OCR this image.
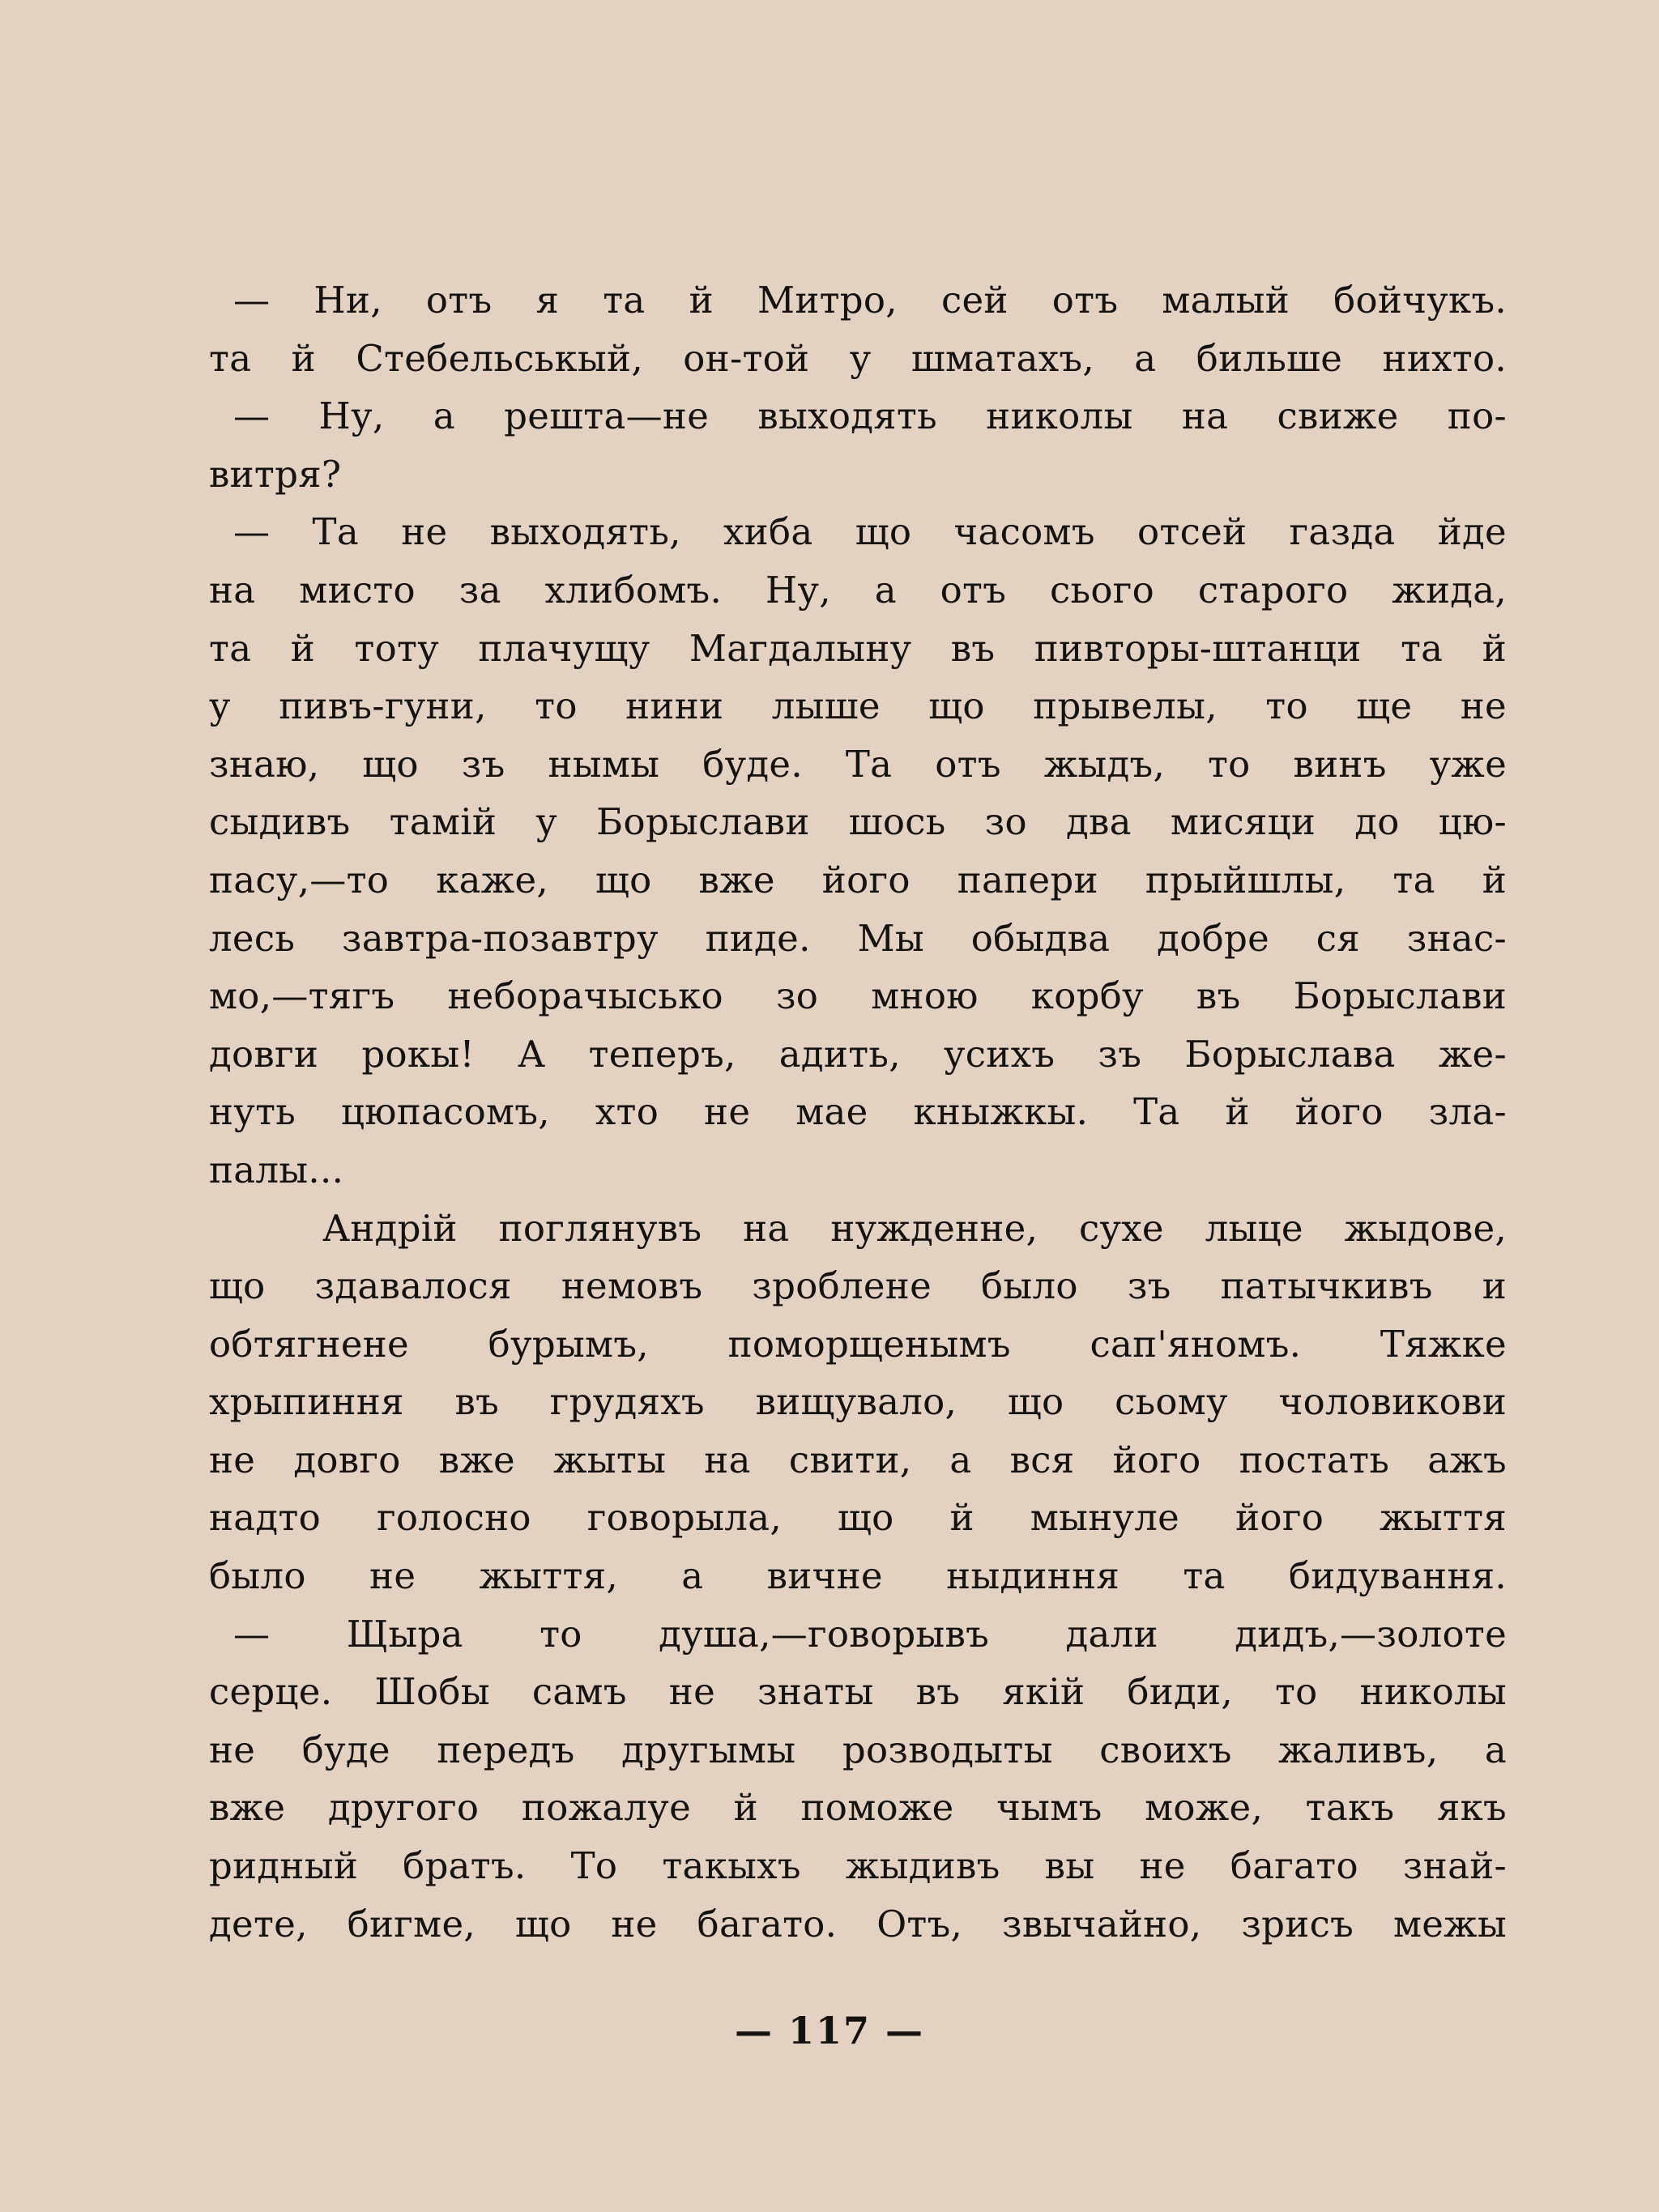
— Ни, отъ я та й Митро, сей отъ малый бойчукъ.
та й Стебельськый, он-той у шматахъ, а бильше нихто.
— Ну, а решта—не выходять николы на свиже по-
витря?
— Та не выходять, хиба що часомъ отсей газда йде
на мисто за хлибомъ. Ну, а отъ сього старого жида,
та й тоту плачущу Магдалыну въ пивторы-штанци та й
у пивъ-гуни, то нини лыше що прывелы, то ще не
знаю, що зъ нымы буде. Та отъ жыдъ, то винъ уже
сыдивъ тамій у Борыслави шось зо два мисяци до цю-
пасу,—то каже, що вже його папери прыйшлы, та й
лесь завтра-позавтру пиде. Мы обыдва добре ся знас-
мо,—тягъ неборачысько зо мною корбу въ Борыслави
довги рокы! А теперъ, адить, усихъ зъ Борыслава же-
нуть цюпасомъ, хто не мае кныжкы. Та й його зла-
палы...
Андрій поглянувъ на нужденне, сухе лыце жыдове,
що здавалося немовъ зроблене было зъ патычкивъ и
обтягнене бурымъ, поморщенымъ сап'яномъ. Тяжке
хрыпиння въ грудяхъ вищувало, що сьому чоловикови
не довго вже жыты на свити, а вся його постать ажъ
надто голосно говорыла, що й мынуле його жыття
было не жыття, а вичне ныдиння та бидування.
— Щыра то душа,—говорывъ дали дидъ,—золоте
серце. Шобы самъ не знаты въ якій биди, то николы
не буде передъ другымы розводыты своихъ жаливъ, а
вже другого пожалуе й поможе чымъ може, такъ якъ
ридный братъ. То такыхъ жыдивъ вы не багато знай-
дете, бигме, що не багато. Отъ, звычайно, зрисъ межы
— 117 —
